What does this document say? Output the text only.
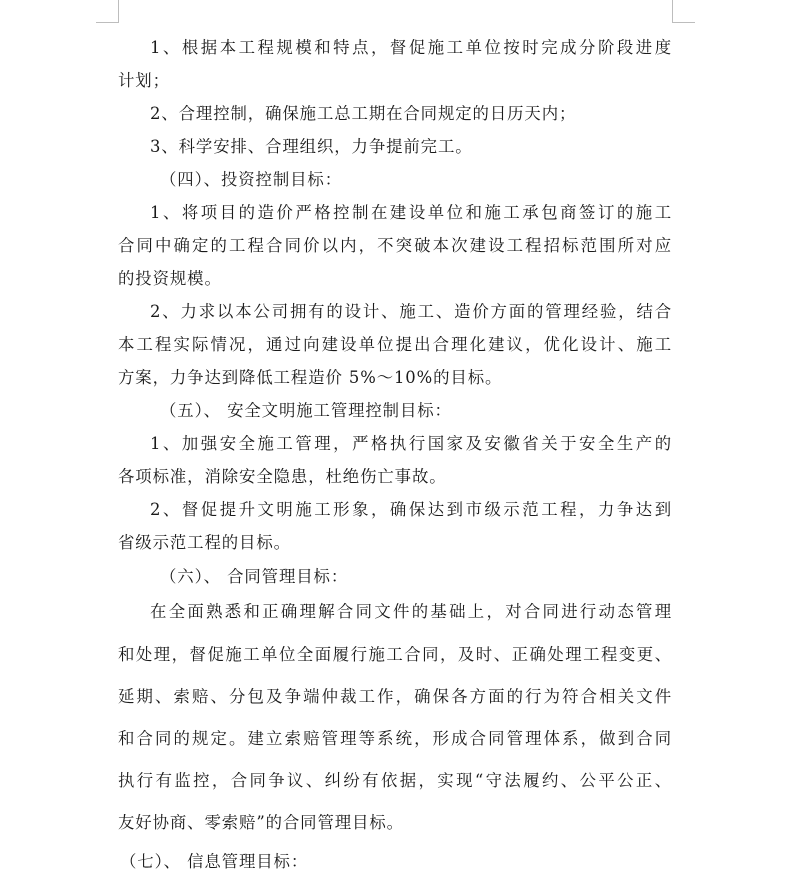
1、根据本工程规模和特点，督促施工单位按时完成分阶段进度
计划；
2、合理控制，确保施工总工期在合同规定的日历天内；
3、科学安排、合理组织，力争提前完工。
（四）、投资控制目标：
1、将项目的造价严格控制在建设单位和施工承包商签订的施工
合同中确定的工程合同价以内，不突破本次建设工程招标范围所对应
的投资规模。
2、力求以本公司拥有的设计、施工、造价方面的管理经验，结合
本工程实际情况，通过向建设单位提出合理化建议，优化设计、施工
方案，力争达到降低工程造价 5%～10%的目标。
（五）、 安全文明施工管理控制目标：
1、加强安全施工管理，严格执行国家及安徽省关于安全生产的
各项标准，消除安全隐患，杜绝伤亡事故。
2、督促提升文明施工形象，确保达到市级示范工程，力争达到
省级示范工程的目标。
（六）、 合同管理目标：
在全面熟悉和正确理解合同文件的基础上，对合同进行动态管理
和处理，督促施工单位全面履行施工合同，及时、正确处理工程变更、
延期、索赔、分包及争端仲裁工作，确保各方面的行为符合相关文件
和合同的规定。建立索赔管理等系统，形成合同管理体系，做到合同
执行有监控，合同争议、纠纷有依据，实现“守法履约、公平公正、
友好协商、零索赔”的合同管理目标。
（七）、 信息管理目标：
